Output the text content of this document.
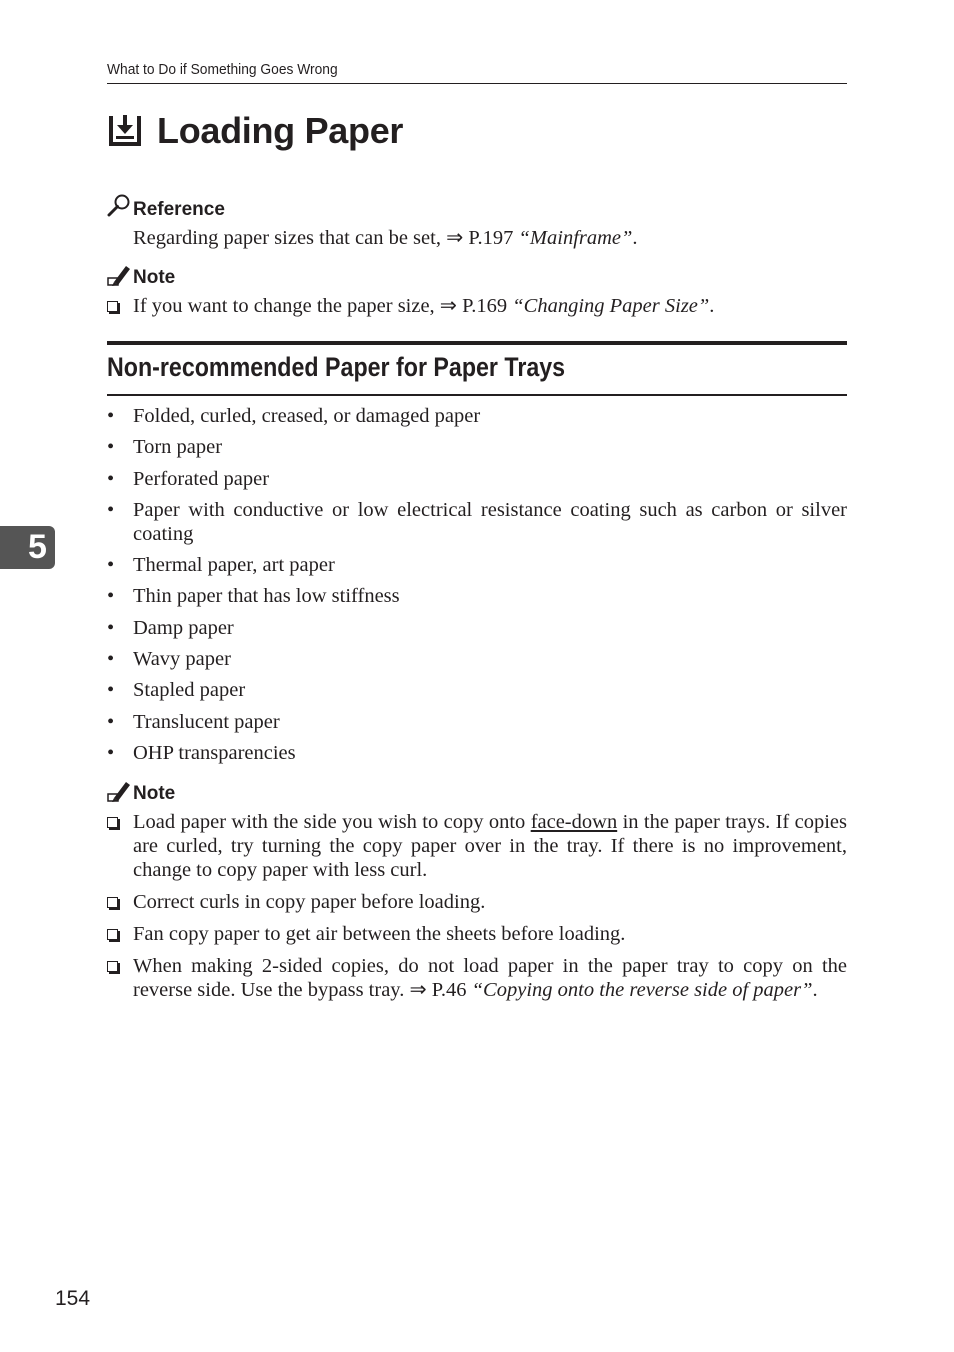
What to Do if Something Goes Wrong
Loading Paper
Reference
Regarding paper sizes that can be set, ⇒ P.197 “Mainframe”.
Note
If you want to change the paper size, ⇒ P.169 “Changing Paper Size”.
Non-recommended Paper for Paper Trays
• Folded, curled, creased, or damaged paper
• Torn paper
• Perforated paper
• Paper with conductive or low electrical resistance coating such as carbon or silver coating
• Thermal paper, art paper
• Thin paper that has low stiffness
• Damp paper
• Wavy paper
• Stapled paper
• Translucent paper
• OHP transparencies
Note
Load paper with the side you wish to copy onto face-down in the paper trays. If copies are curled, try turning the copy paper over in the tray. If there is no improvement, change to copy paper with less curl.
Correct curls in copy paper before loading.
Fan copy paper to get air between the sheets before loading.
When making 2-sided copies, do not load paper in the paper tray to copy on the reverse side. Use the bypass tray. ⇒ P.46 “Copying onto the reverse side of paper”.
5
154
